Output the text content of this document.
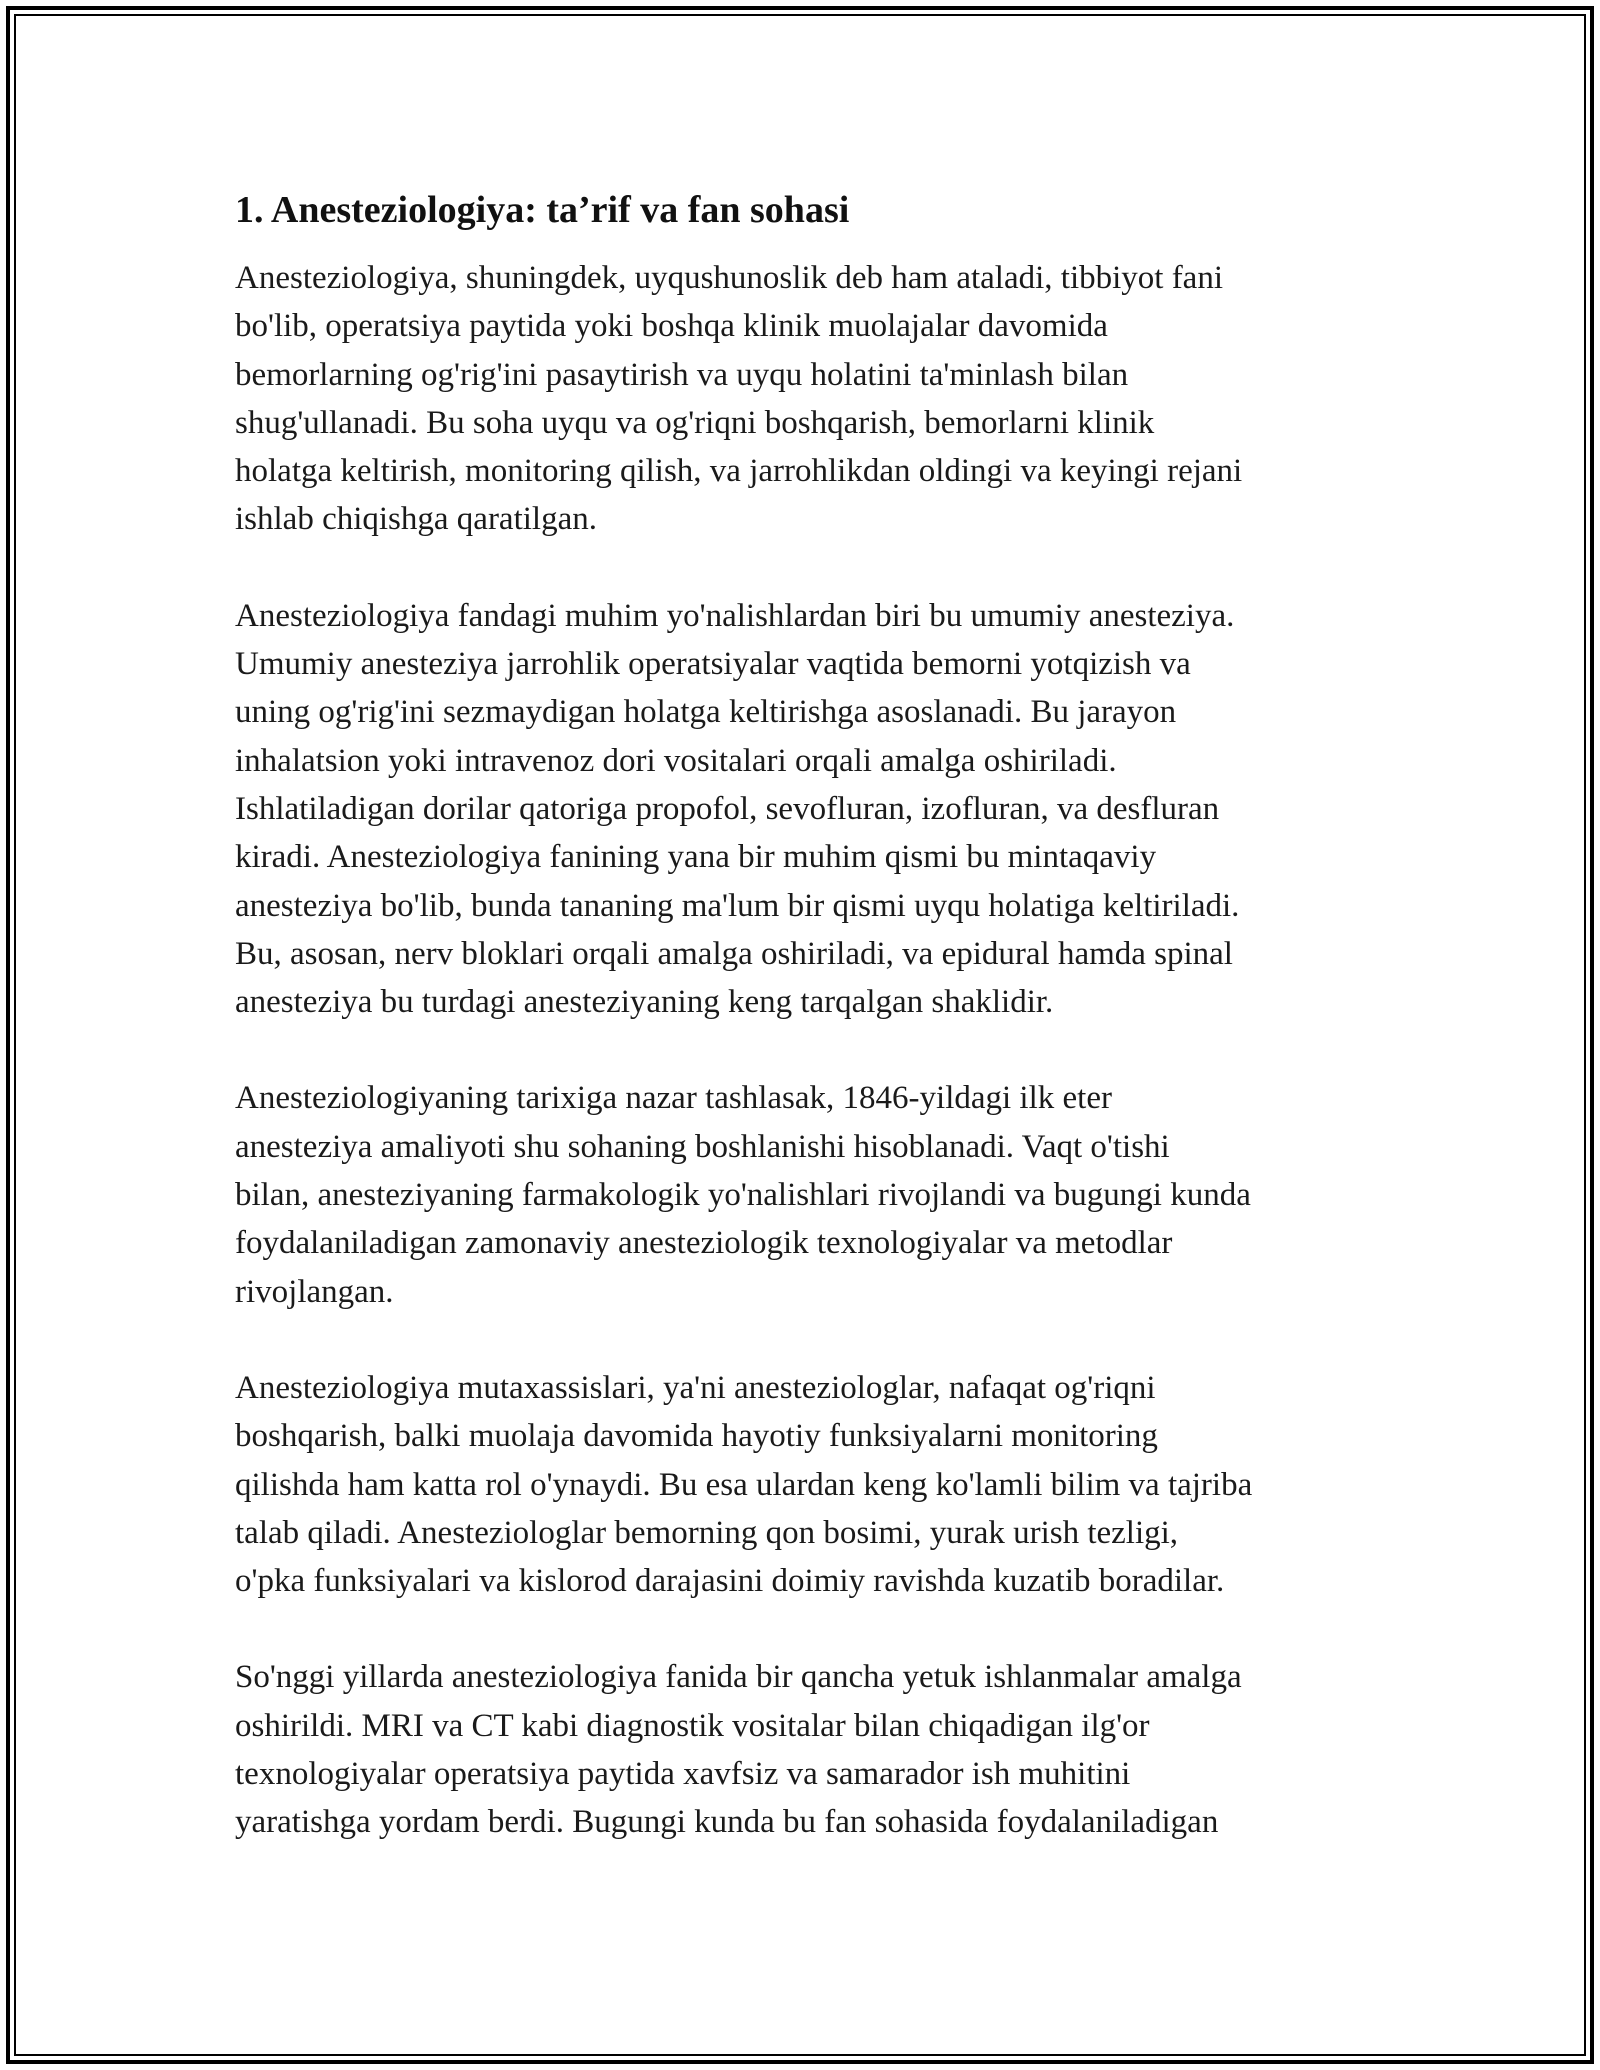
1. Anesteziologiya: ta’rif va fan sohasi

Anesteziologiya, shuningdek, uyqushunoslik deb ham ataladi, tibbiyot fani
bo'lib, operatsiya paytida yoki boshqa klinik muolajalar davomida
bemorlarning og'rig'ini pasaytirish va uyqu holatini ta'minlash bilan
shug'ullanadi. Bu soha uyqu va og'riqni boshqarish, bemorlarni klinik
holatga keltirish, monitoring qilish, va jarrohlikdan oldingi va keyingi rejani
ishlab chiqishga qaratilgan.

Anesteziologiya fandagi muhim yo'nalishlardan biri bu umumiy anesteziya.
Umumiy anesteziya jarrohlik operatsiyalar vaqtida bemorni yotqizish va
uning og'rig'ini sezmaydigan holatga keltirishga asoslanadi. Bu jarayon
inhalatsion yoki intravenoz dori vositalari orqali amalga oshiriladi.
Ishlatiladigan dorilar qatoriga propofol, sevofluran, izofluran, va desfluran
kiradi. Anesteziologiya fanining yana bir muhim qismi bu mintaqaviy
anesteziya bo'lib, bunda tananing ma'lum bir qismi uyqu holatiga keltiriladi.
Bu, asosan, nerv bloklari orqali amalga oshiriladi, va epidural hamda spinal
anesteziya bu turdagi anesteziyaning keng tarqalgan shaklidir.

Anesteziologiyaning tarixiga nazar tashlasak, 1846-yildagi ilk eter
anesteziya amaliyoti shu sohaning boshlanishi hisoblanadi. Vaqt o'tishi
bilan, anesteziyaning farmakologik yo'nalishlari rivojlandi va bugungi kunda
foydalaniladigan zamonaviy anesteziologik texnologiyalar va metodlar
rivojlangan.

Anesteziologiya mutaxassislari, ya'ni anesteziologlar, nafaqat og'riqni
boshqarish, balki muolaja davomida hayotiy funksiyalarni monitoring
qilishda ham katta rol o'ynaydi. Bu esa ulardan keng ko'lamli bilim va tajriba
talab qiladi. Anesteziologlar bemorning qon bosimi, yurak urish tezligi,
o'pka funksiyalari va kislorod darajasini doimiy ravishda kuzatib boradilar.

So'nggi yillarda anesteziologiya fanida bir qancha yetuk ishlanmalar amalga
oshirildi. MRI va CT kabi diagnostik vositalar bilan chiqadigan ilg'or
texnologiyalar operatsiya paytida xavfsiz va samarador ish muhitini
yaratishga yordam berdi. Bugungi kunda bu fan sohasida foydalaniladigan
